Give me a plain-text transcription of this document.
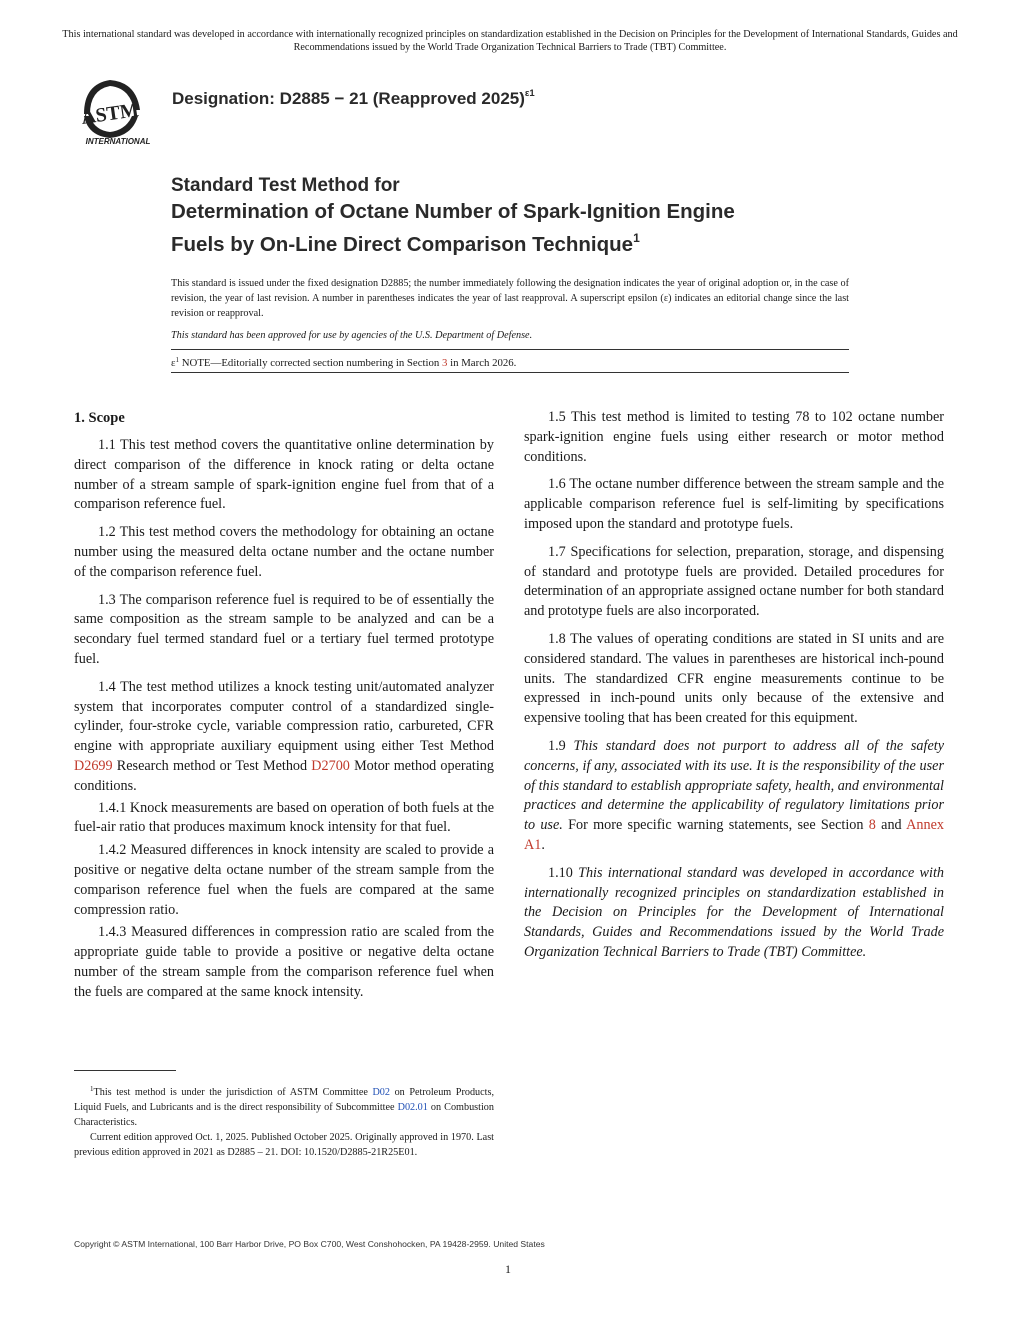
This international standard was developed in accordance with internationally recognized principles on standardization established in the Decision on Principles for the Development of International Standards, Guides and Recommendations issued by the World Trade Organization Technical Barriers to Trade (TBT) Committee.
ASTM
INTERNATIONAL
Designation: D2885 − 21 (Reapproved 2025)$^{\varepsilon 1}$
Standard Test Method for
Determination of Octane Number of Spark-Ignition Engine
Fuels by On-Line Direct Comparison Technique$^1$
This standard is issued under the fixed designation D2885; the number immediately following the designation indicates the year of original adoption or, in the case of revision, the year of last revision. A number in parentheses indicates the year of last reapproval. A superscript epsilon (ε) indicates an editorial change since the last revision or reapproval.
This standard has been approved for use by agencies of the U.S. Department of Defense.
$\varepsilon^1$ NOTE—Editorially corrected section numbering in Section 3 in March 2026.
1. Scope

1.1 This test method covers the quantitative online determination by direct comparison of the difference in knock rating or delta octane number of a stream sample of spark-ignition engine fuel from that of a comparison reference fuel.

1.2 This test method covers the methodology for obtaining an octane number using the measured delta octane number and the octane number of the comparison reference fuel.

1.3 The comparison reference fuel is required to be of essentially the same composition as the stream sample to be analyzed and can be a secondary fuel termed standard fuel or a tertiary fuel termed prototype fuel.

1.4 The test method utilizes a knock testing unit/automated analyzer system that incorporates computer control of a standardized single-cylinder, four-stroke cycle, variable compression ratio, carbureted, CFR engine with appropriate auxiliary equipment using either Test Method D2699 Research method or Test Method D2700 Motor method operating conditions.

1.4.1 Knock measurements are based on operation of both fuels at the fuel-air ratio that produces maximum knock intensity for that fuel.

1.4.2 Measured differences in knock intensity are scaled to provide a positive or negative delta octane number of the stream sample from the comparison reference fuel when the fuels are compared at the same compression ratio.

1.4.3 Measured differences in compression ratio are scaled from the appropriate guide table to provide a positive or negative delta octane number of the stream sample from the comparison reference fuel when the fuels are compared at the same knock intensity.

1.5 This test method is limited to testing 78 to 102 octane number spark-ignition engine fuels using either research or motor method conditions.

1.6 The octane number difference between the stream sample and the applicable comparison reference fuel is self-limiting by specifications imposed upon the standard and prototype fuels.

1.7 Specifications for selection, preparation, storage, and dispensing of standard and prototype fuels are provided. Detailed procedures for determination of an appropriate assigned octane number for both standard and prototype fuels are also incorporated.

1.8 The values of operating conditions are stated in SI units and are considered standard. The values in parentheses are historical inch-pound units. The standardized CFR engine measurements continue to be expressed in inch-pound units only because of the extensive and expensive tooling that has been created for this equipment.

1.9 This standard does not purport to address all of the safety concerns, if any, associated with its use. It is the responsibility of the user of this standard to establish appropriate safety, health, and environmental practices and determine the applicability of regulatory limitations prior to use. For more specific warning statements, see Section 8 and Annex A1.

1.10 This international standard was developed in accordance with internationally recognized principles on standardization established in the Decision on Principles for the Development of International Standards, Guides and Recommendations issued by the World Trade Organization Technical Barriers to Trade (TBT) Committee.

$^1$This test method is under the jurisdiction of ASTM Committee D02 on Petroleum Products, Liquid Fuels, and Lubricants and is the direct responsibility of Subcommittee D02.01 on Combustion Characteristics.

Current edition approved Oct. 1, 2025. Published October 2025. Originally approved in 1970. Last previous edition approved in 2021 as D2885 – 21. DOI: 10.1520/D2885-21R25E01.

Copyright © ASTM International, 100 Barr Harbor Drive, PO Box C700, West Conshohocken, PA 19428-2959. United States
1
